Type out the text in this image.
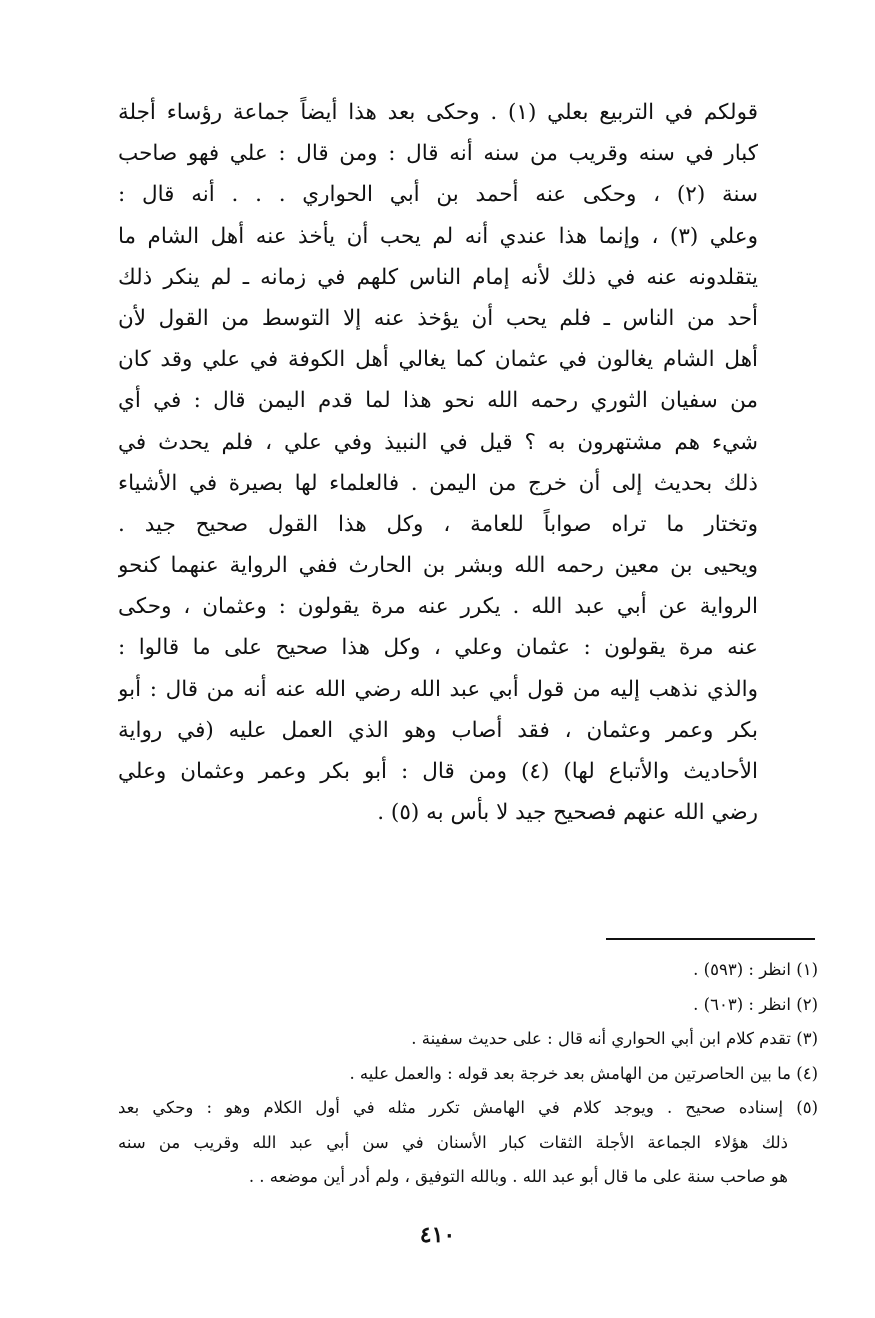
قولكم في التربيع بعلي (١) . وحكى بعد هذا أيضاً جماعة رؤساء أجلة
كبار في سنه وقريب من سنه أنه قال : ومن قال : علي فهو صاحب
سنة (٢) ، وحكى عنه أحمد بن أبي الحواري . . . أنه قال :
وعلي (٣) ، وإنما هذا عندي أنه لم يحب أن يأخذ عنه أهل الشام ما
يتقلدونه عنه في ذلك لأنه إمام الناس كلهم في زمانه ـ لم ينكر ذلك
أحد من الناس ـ فلم يحب أن يؤخذ عنه إلا التوسط من القول لأن
أهل الشام يغالون في عثمان كما يغالي أهل الكوفة في علي وقد كان
من سفيان الثوري رحمه الله نحو هذا لما قدم اليمن قال : في أي
شيء هم مشتهرون به ؟ قيل في النبيذ وفي علي ، فلم يحدث في
ذلك بحديث إلى أن خرج من اليمن . فالعلماء لها بصيرة في الأشياء
وتختار ما تراه صواباً للعامة ، وكل هذا القول صحيح جيد .
ويحيى بن معين رحمه الله وبشر بن الحارث ففي الرواية عنهما كنحو
الرواية عن أبي عبد الله . يكرر عنه مرة يقولون : وعثمان ، وحكى
عنه مرة يقولون : عثمان وعلي ، وكل هذا صحيح على ما قالوا :
والذي نذهب إليه من قول أبي عبد الله رضي الله عنه أنه من قال : أبو
بكر وعمر وعثمان ، فقد أصاب وهو الذي العمل عليه (في رواية
الأحاديث والأتباع لها) (٤) ومن قال : أبو بكر وعمر وعثمان وعلي
رضي الله عنهم فصحيح جيد لا بأس به (٥) .
(١) انظر : (٥٩٣) .
(٢) انظر : (٦٠٣) .
(٣) تقدم كلام ابن أبي الحواري أنه قال : على حديث سفينة .
(٤) ما بين الحاصرتين من الهامش بعد خرجة بعد قوله : والعمل عليه .
(٥) إسناده صحيح . ويوجد كلام في الهامش تكرر مثله في أول الكلام وهو : وحكي بعد
ذلك هؤلاء الجماعة الأجلة الثقات كبار الأسنان في سن أبي عبد الله وقريب من سنه
هو صاحب سنة على ما قال أبو عبد الله . وبالله التوفيق ، ولم أدر أين موضعه . .
٤١٠
